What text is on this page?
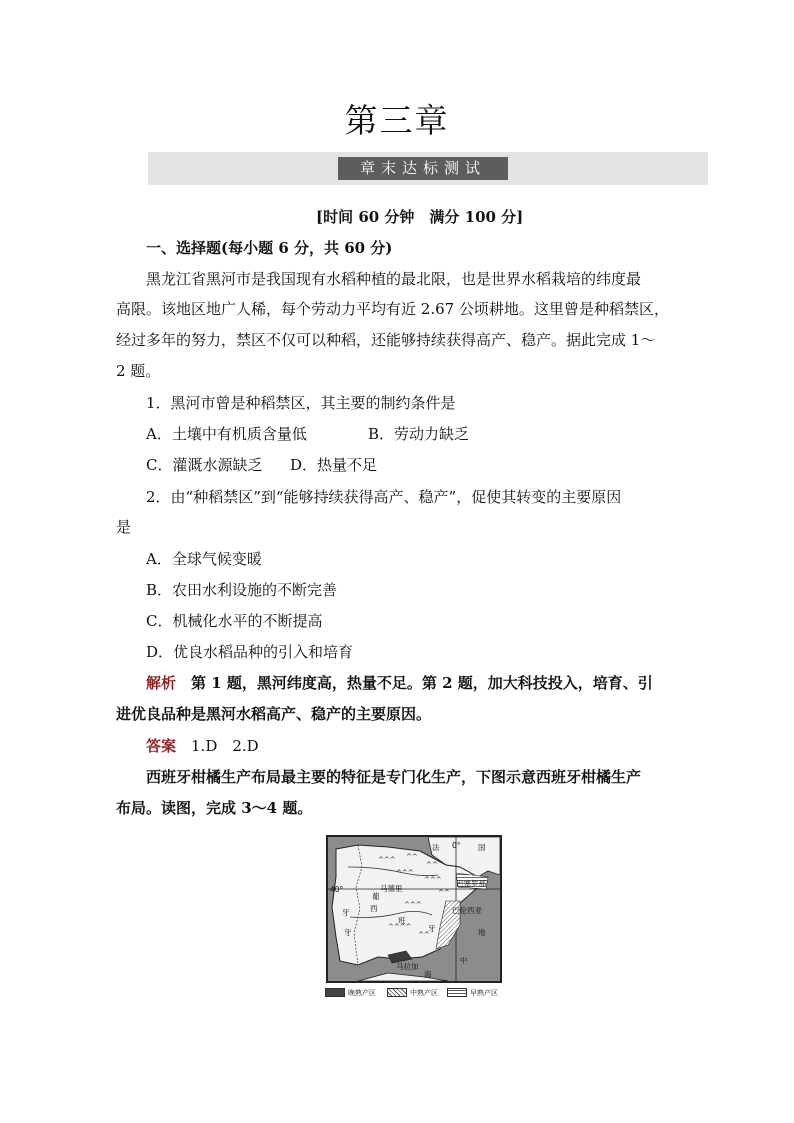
第三章
章末达标测试
[时间 60 分钟　满分 100 分]
一、选择题(每小题 6 分，共 60 分)
黑龙江省黑河市是我国现有水稻种植的最北限，也是世界水稻栽培的纬度最
高限。该地区地广人稀，每个劳动力平均有近 2.67 公顷耕地。这里曾是种稻禁区，
经过多年的努力，禁区不仅可以种稻，还能够持续获得高产、稳产。据此完成 1～
2 题。
1．黑河市曾是种稻禁区，其主要的制约条件是
A．土壤中有机质含量低	B．劳动力缺乏
C．灌溉水源缺乏 D．热量不足
2．由“种稻禁区”到“能够持续获得高产、稳产”，促使其转变的主要原因
是
A．全球气候变暖
B．农田水利设施的不断完善
C．机械化水平的不断提高
D．优良水稻品种的引入和培育
解析　第 1 题，黑河纬度高，热量不足。第 2 题，加大科技投入，培育、引
进优良品种是黑河水稻高产、稳产的主要原因。
答案　1.D　2.D
西班牙柑橘生产布局最主要的特征是专门化生产，下图示意西班牙柑橘生产
布局。读图，完成 3～4 题。
^^^ ^^
^^
^^^
^^^
^^
^^^
^^^^
^^
法 0° 国
40°	马德里
巴塞罗那
巴伦西亚
葡
牙
牙
西
班
牙
马拉加
地
中
海
晚熟产区	中熟产区	早熟产区
